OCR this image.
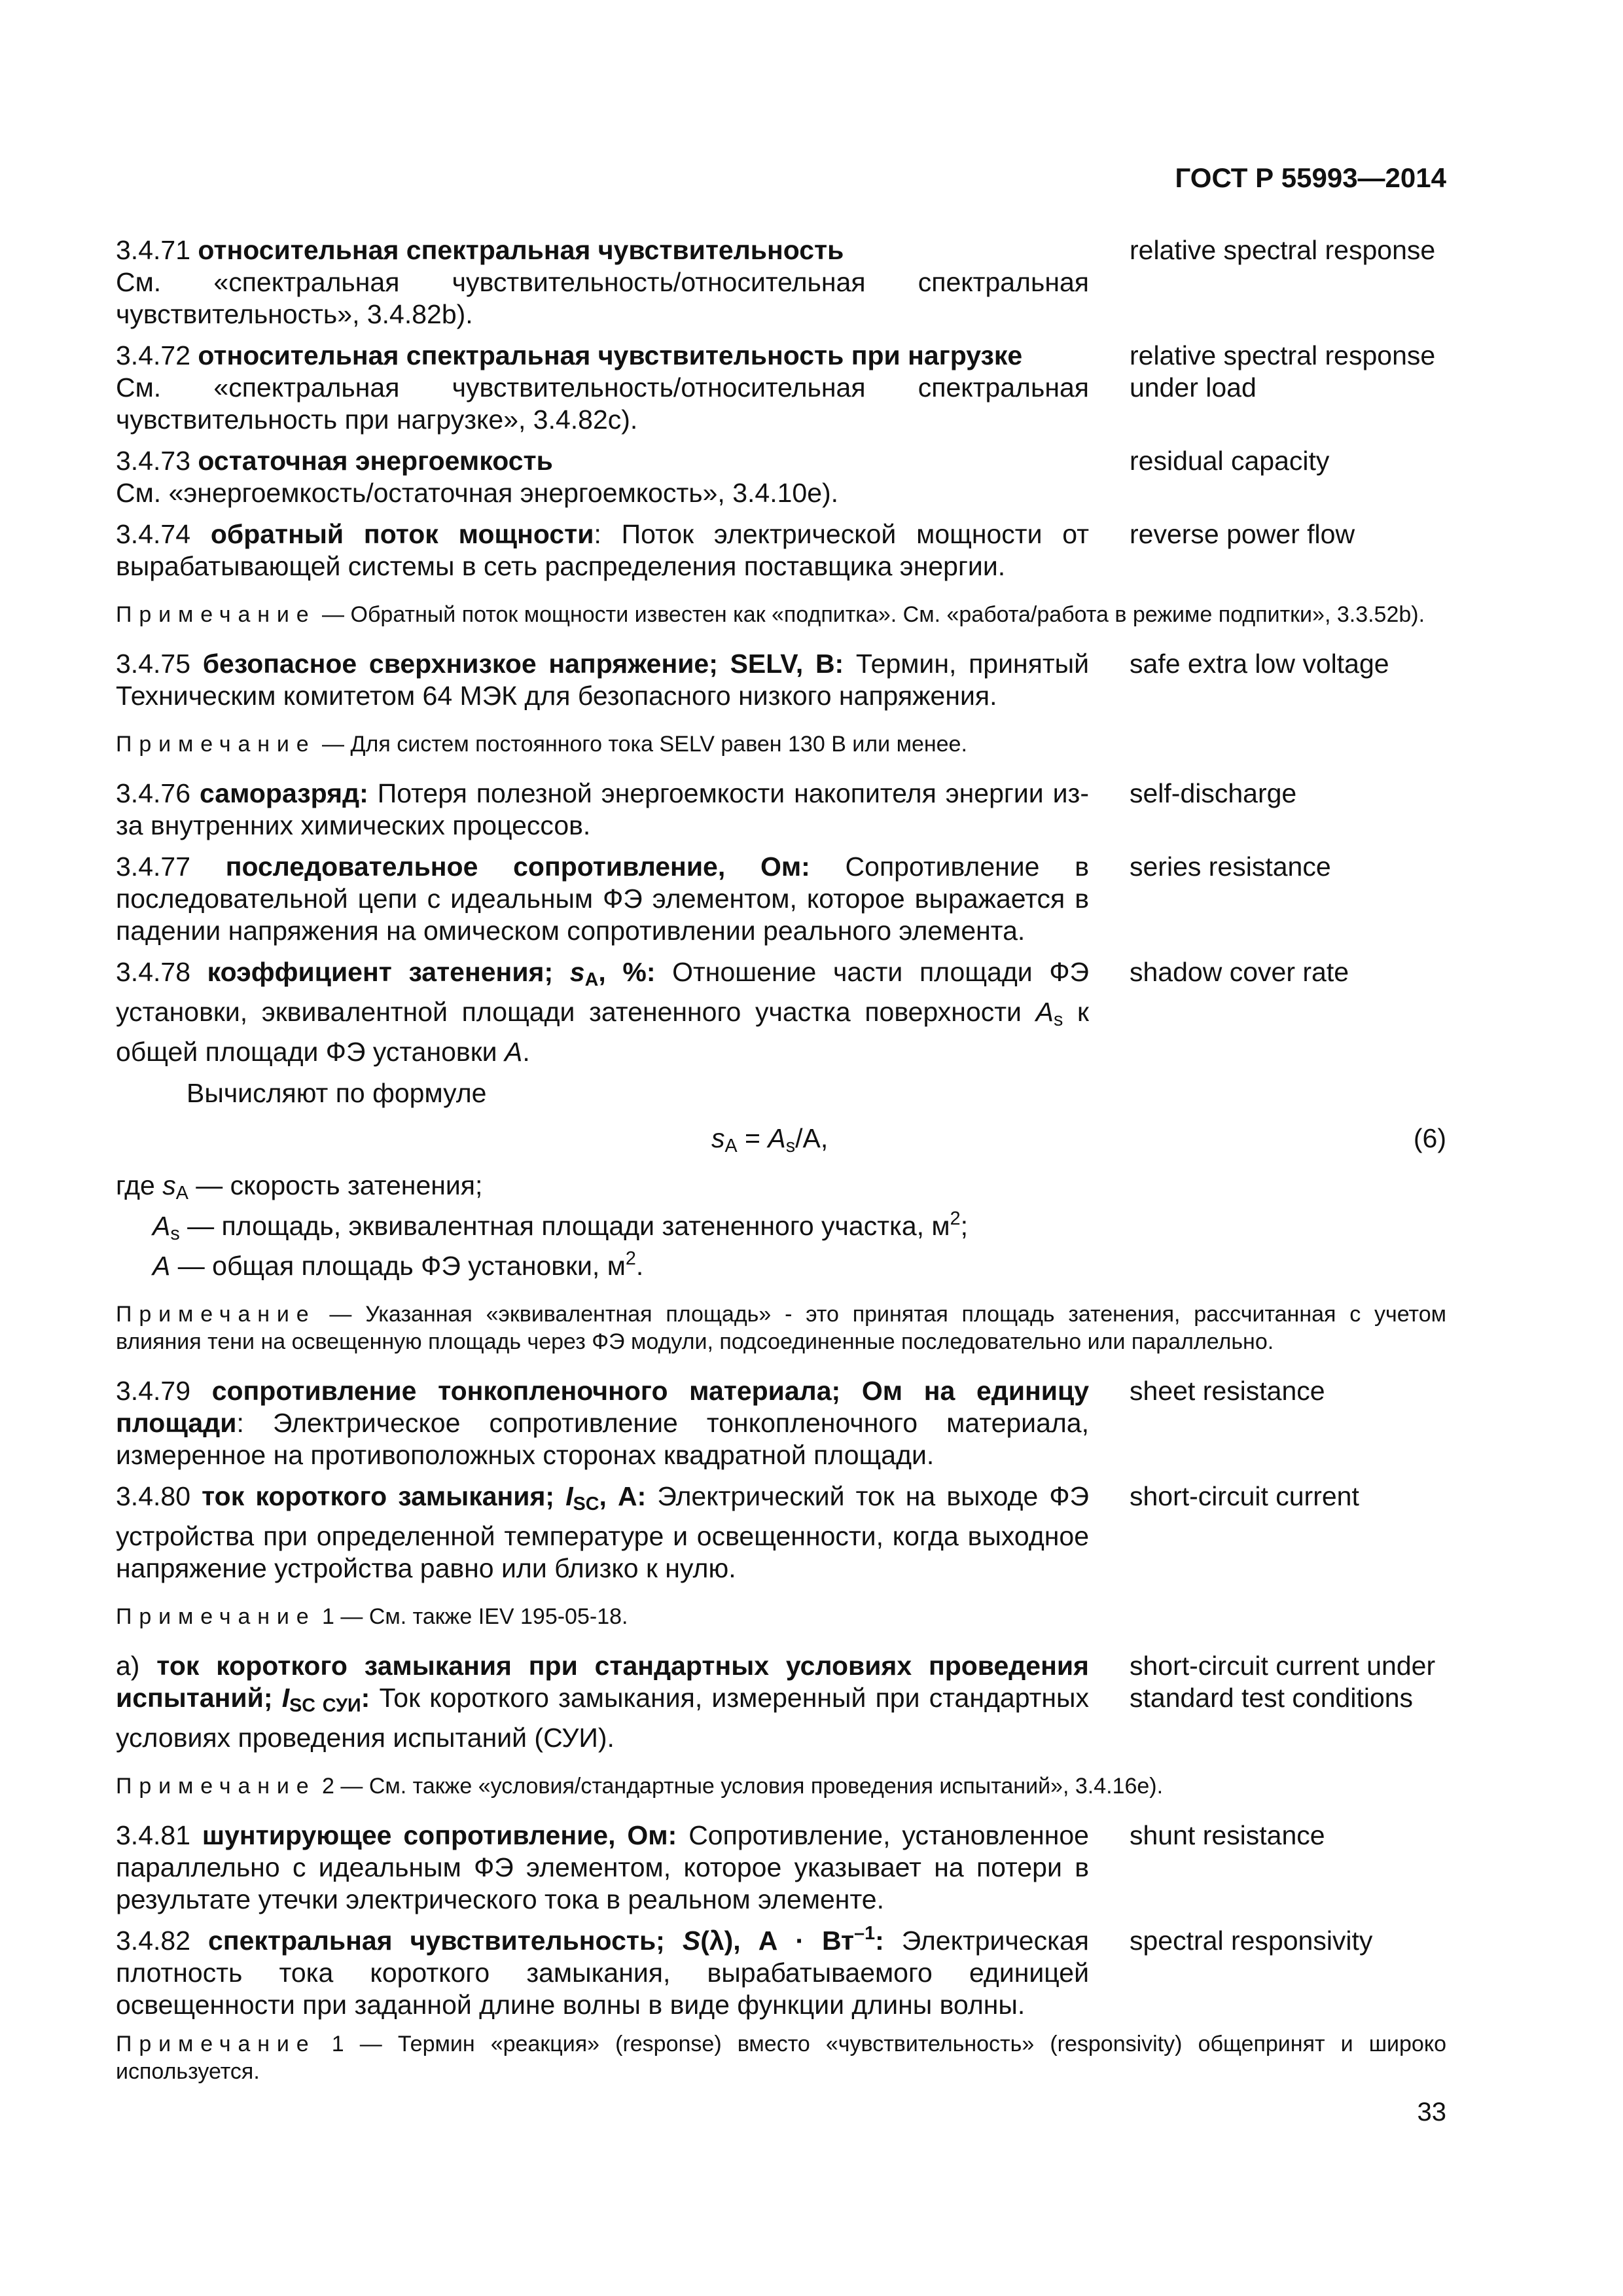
ГОСТ Р 55993—2014
3.4.71 относительная спектральная чувствительность
См. «спектральная чувствительность/относительная спектральная чувствительность», 3.4.82b).
relative spectral response
3.4.72 относительная спектральная чувствительность при нагрузке
См. «спектральная чувствительность/относительная спектральная чувствительность при нагрузке», 3.4.82c).
relative spectral response under load
3.4.73 остаточная энергоемкость
См. «энергоемкость/остаточная энергоемкость», 3.4.10e).
residual capacity
3.4.74 обратный поток мощности: Поток электрической мощности от вырабатывающей системы в сеть распределения поставщика энергии.
reverse power flow
Примечание — Обратный поток мощности известен как «подпитка». См. «работа/работа в режиме подпитки», 3.3.52b).
3.4.75 безопасное сверхнизкое напряжение; SELV, В: Термин, принятый Техническим комитетом 64 МЭК для безопасного низкого напряжения.
safe extra low voltage
Примечание — Для систем постоянного тока SELV равен 130 В или менее.
3.4.76 саморазряд: Потеря полезной энергоемкости накопителя энергии из-за внутренних химических процессов.
self-discharge
3.4.77 последовательное сопротивление, Ом: Сопротивление в последовательной цепи с идеальным ФЭ элементом, которое выражается в падении напряжения на омическом сопротивлении реального элемента.
series resistance
3.4.78 коэффициент затенения; $s_A$, %: Отношение части площади ФЭ установки, эквивалентной площади затененного участка поверхности $A_s$ к общей площади ФЭ установки A.
shadow cover rate
Вычисляют по формуле
$s_A = A_s/A$,	(6)
где $s_A$ — скорость затенения;
$A_s$ — площадь, эквивалентная площади затененного участка, $м^2$;
A — общая площадь ФЭ установки, $м^2$.
Примечание — Указанная «эквивалентная площадь» - это принятая площадь затенения, рассчитанная с учетом влияния тени на освещенную площадь через ФЭ модули, подсоединенные последовательно или параллельно.
3.4.79 сопротивление тонкопленочного материала; Ом на единицу площади: Электрическое сопротивление тонкопленочного материала, измеренное на противоположных сторонах квадратной площади.
sheet resistance
3.4.80 ток короткого замыкания; $I_{SC}$, А: Электрический ток на выходе ФЭ устройства при определенной температуре и освещенности, когда выходное напряжение устройства равно или близко к нулю.
short-circuit current
Примечание 1 — См. также IEV 195-05-18.
а) ток короткого замыкания при стандартных условиях проведения испытаний; $I_{SC СУИ}$: Ток короткого замыкания, измеренный при стандартных условиях проведения испытаний (СУИ).
short-circuit current under standard test conditions
Примечание 2 — См. также «условия/стандартные условия проведения испытаний», 3.4.16e).
3.4.81 шунтирующее сопротивление, Ом: Сопротивление, установленное параллельно с идеальным ФЭ элементом, которое указывает на потери в результате утечки электрического тока в реальном элементе.
shunt resistance
3.4.82 спектральная чувствительность; S(λ), $А \cdot Вт^{-1}$: Электрическая плотность тока короткого замыкания, вырабатываемого единицей освещенности при заданной длине волны в виде функции длины волны.
spectral responsivity
Примечание 1 — Термин «реакция» (response) вместо «чувствительность» (responsivity) общепринят и широко используется.
33
